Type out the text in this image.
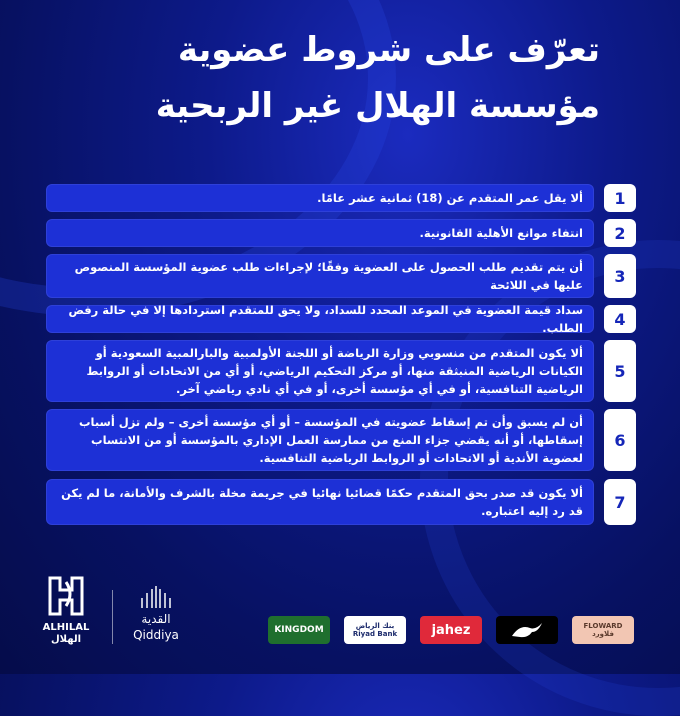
تعرّف على شروط عضوية
مؤسسة الهلال غير الربحية
1
ألا يقل عمر المتقدم عن (18) ثمانية عشر عامًا.
2
انتفاء موانع الأهلية القانونية.
3
أن يتم تقديم طلب الحصول على العضوية وفقًا؛ لإجراءات طلب عضوية المؤسسة المنصوص عليها في اللائحة
4
سداد قيمة العضوية في الموعد المحدد للسداد، ولا يحق للمتقدم استردادها إلا في حالة رفض الطلب.
5
ألا يكون المتقدم من منسوبي وزارة الرياضة أو اللجنة الأولمبية والبارالمبية السعودية أو الكيانات الرياضية المنبثقة منها، أو مركز التحكيم الرياضي، أو أي من الاتحادات أو الروابط الرياضية التنافسية، أو في أي مؤسسة أخرى، أو في أي نادي رياضي آخر.
6
أن لم يسبق وأن تم إسقاط عضويته في المؤسسة – أو أي مؤسسة أخرى – ولم تزل أسباب إسقاطها، أو أنه يقضي جزاء المنع من ممارسة العمل الإداري بالمؤسسة أو من الانتساب لعضوية الأندية أو الاتحادات أو الروابط الرياضية التنافسية.
7
ألا يكون قد صدر بحق المتقدم حكمًا قضائيا نهائيا في جريمة مخلة بالشرف والأمانة، ما لم يكن قد رد إليه اعتباره.
ALHILAL
الهلال
القدية
Qiddiya	KINGDOM	بنك الرياض
Riyad Bank	jahez	FLOWARD
فلاورد
